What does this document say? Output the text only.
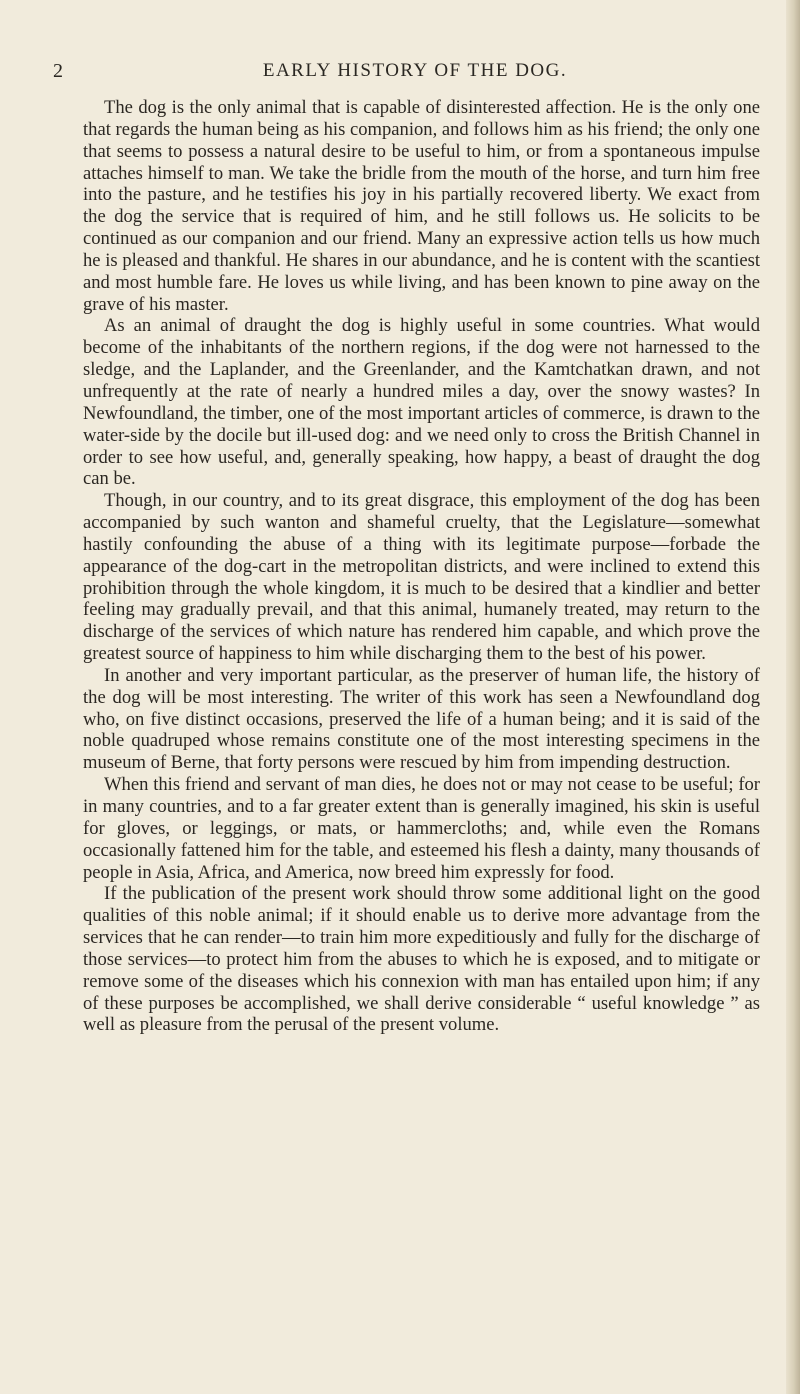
2	EARLY HISTORY OF THE DOG.

The dog is the only animal that is capable of disinterested affection. He is the only one that regards the human being as his companion, and follows him as his friend; the only one that seems to possess a natural desire to be useful to him, or from a spontaneous impulse attaches himself to man. We take the bridle from the mouth of the horse, and turn him free into the pasture, and he testifies his joy in his partially recovered liberty. We exact from the dog the service that is required of him, and he still follows us. He solicits to be continued as our companion and our friend. Many an expressive action tells us how much he is pleased and thankful. He shares in our abundance, and he is content with the scantiest and most humble fare. He loves us while living, and has been known to pine away on the grave of his master.

As an animal of draught the dog is highly useful in some countries. What would become of the inhabitants of the northern regions, if the dog were not harnessed to the sledge, and the Laplander, and the Greenlander, and the Kamtchatkan drawn, and not unfrequently at the rate of nearly a hundred miles a day, over the snowy wastes? In Newfoundland, the timber, one of the most important articles of commerce, is drawn to the water-side by the docile but ill-used dog: and we need only to cross the British Channel in order to see how useful, and, generally speaking, how happy, a beast of draught the dog can be.

Though, in our country, and to its great disgrace, this employment of the dog has been accompanied by such wanton and shameful cruelty, that the Legislature—somewhat hastily confounding the abuse of a thing with its legitimate purpose—forbade the appearance of the dog-cart in the metropolitan districts, and were inclined to extend this prohibition through the whole kingdom, it is much to be desired that a kindlier and better feeling may gradually prevail, and that this animal, humanely treated, may return to the discharge of the services of which nature has rendered him capable, and which prove the greatest source of happiness to him while discharging them to the best of his power.

In another and very important particular, as the preserver of human life, the history of the dog will be most interesting. The writer of this work has seen a Newfoundland dog who, on five distinct occasions, preserved the life of a human being; and it is said of the noble quadruped whose remains constitute one of the most interesting specimens in the museum of Berne, that forty persons were rescued by him from impending destruction.

When this friend and servant of man dies, he does not or may not cease to be useful; for in many countries, and to a far greater extent than is generally imagined, his skin is useful for gloves, or leggings, or mats, or hammercloths; and, while even the Romans occasionally fattened him for the table, and esteemed his flesh a dainty, many thousands of people in Asia, Africa, and America, now breed him expressly for food.

If the publication of the present work should throw some additional light on the good qualities of this noble animal; if it should enable us to derive more advantage from the services that he can render—to train him more expeditiously and fully for the discharge of those services—to protect him from the abuses to which he is exposed, and to mitigate or remove some of the diseases which his connexion with man has entailed upon him; if any of these purposes be accomplished, we shall derive considerable “ useful knowledge ” as well as pleasure from the perusal of the present volume.
